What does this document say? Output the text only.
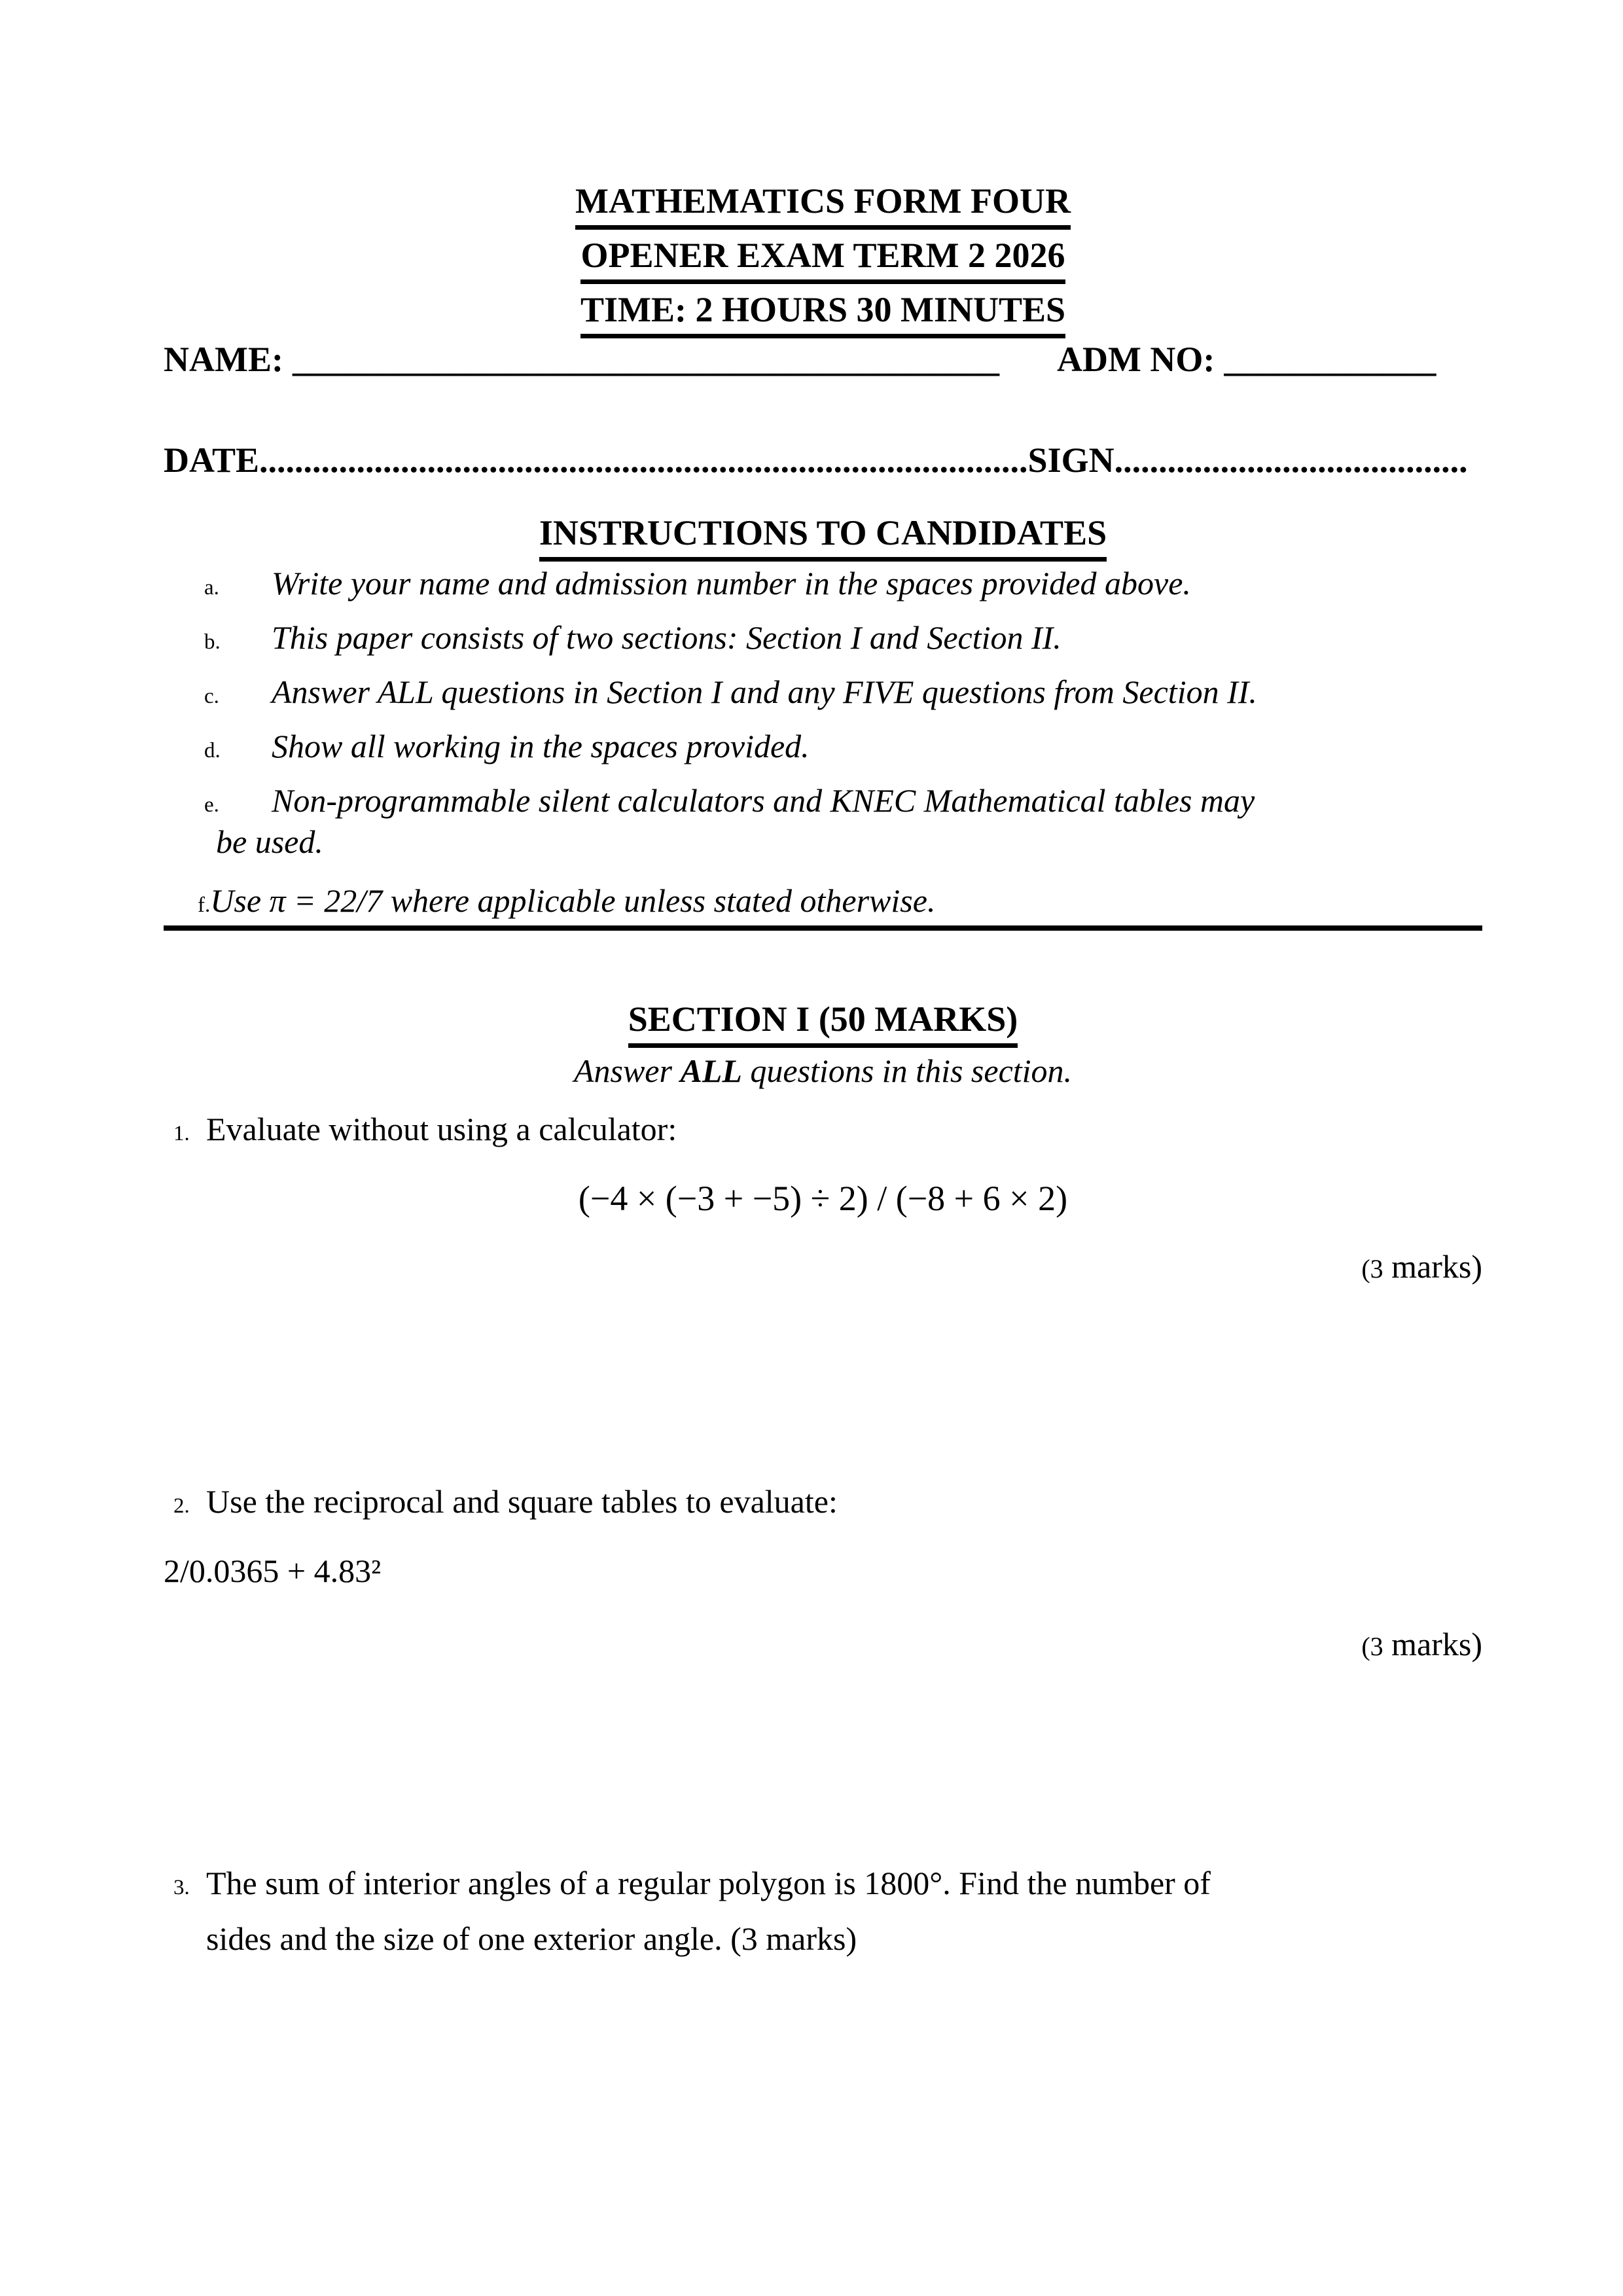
MATHEMATICS FORM FOUR
OPENER EXAM TERM 2 2026
TIME: 2 HOURS 30 MINUTES
NAME: ________________________________________ ADM NO: ____________
DATE.......................................................................................SIGN........................................
INSTRUCTIONS TO CANDIDATES
a. Write your name and admission number in the spaces provided above.
b. This paper consists of two sections: Section I and Section II.
c. Answer ALL questions in Section I and any FIVE questions from Section II.
d. Show all working in the spaces provided.
e. Non-programmable silent calculators and KNEC Mathematical tables may
be used.
f.Use π = 22/7 where applicable unless stated otherwise.
SECTION I (50 MARKS)
Answer ALL questions in this section.
1. Evaluate without using a calculator:
(−4 × (−3 + −5) ÷ 2) / (−8 + 6 × 2)
(3 marks)
2. Use the reciprocal and square tables to evaluate:
2/0.0365 + 4.83²
(3 marks)
3. The sum of interior angles of a regular polygon is 1800°. Find the number of
sides and the size of one exterior angle. (3 marks)
